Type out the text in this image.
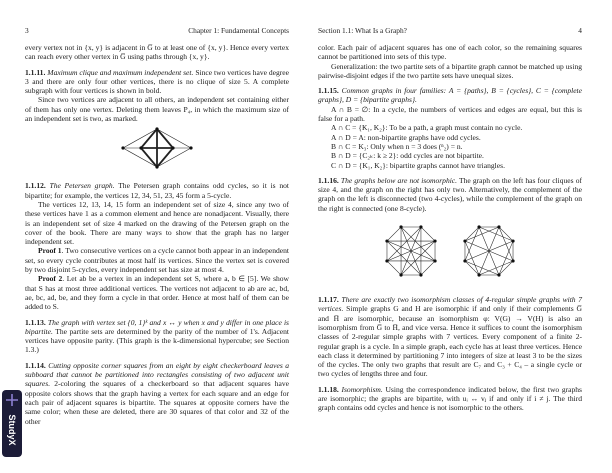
3	Chapter 1: Fundamental Concepts

every vertex not in {x, y} is adjacent in G̅ to at least one of {x, y}. Hence every vertex can reach every other vertex in G̅ using paths through {x, y}.

1.1.11. Maximum clique and maximum independent set. Since two vertices have degree 3 and there are only four other vertices, there is no clique of size 5. A complete subgraph with four vertices is shown in bold.

Since two vertices are adjacent to all others, an independent set containing either of them has only one vertex. Deleting them leaves P₄, in which the maximum size of an independent set is two, as marked.

1.1.12. The Petersen graph. The Petersen graph contains odd cycles, so it is not bipartite; for example, the vertices 12, 34, 51, 23, 45 form a 5-cycle.

The vertices 12, 13, 14, 15 form an independent set of size 4, since any two of these vertices have 1 as a common element and hence are nonadjacent. Visually, there is an independent set of size 4 marked on the drawing of the Petersen graph on the cover of the book. There are many ways to show that the graph has no larger independent set.

Proof 1. Two consecutive vertices on a cycle cannot both appear in an independent set, so every cycle contributes at most half its vertices. Since the vertex set is covered by two disjoint 5-cycles, every independent set has size at most 4.

Proof 2. Let ab be a vertex in an independent set S, where a, b ∈ [5]. We show that S has at most three additional vertices. The vertices not adjacent to ab are ac, bd, ae, bc, ad, be, and they form a cycle in that order. Hence at most half of them can be added to S.

1.1.13. The graph with vertex set {0, 1}ᵏ and x ↔ y when x and y differ in one place is bipartite. The partite sets are determined by the parity of the number of 1's. Adjacent vertices have opposite parity. (This graph is the k-dimensional hypercube; see Section 1.3.)

1.1.14. Cutting opposite corner squares from an eight by eight checkerboard leaves a subboard that cannot be partitioned into rectangles consisting of two adjacent unit squares. 2-coloring the squares of a checkerboard so that adjacent squares have opposite colors shows that the graph having a vertex for each square and an edge for each pair of adjacent squares is bipartite. The squares at opposite corners have the same color; when these are deleted, there are 30 squares of that color and 32 of the other

Section 1.1: What Is a Graph?	4

color. Each pair of adjacent squares has one of each color, so the remaining squares cannot be partitioned into sets of this type.

Generalization: the two partite sets of a bipartite graph cannot be matched up using pairwise-disjoint edges if the two partite sets have unequal sizes.

1.1.15. Common graphs in four families: A = {paths}, B = {cycles}, C = {complete graphs}, D = {bipartite graphs}.

A ∩ B = ∅: In a cycle, the numbers of vertices and edges are equal, but this is false for a path.

A ∩ C = {K₁, K₂}: To be a path, a graph must contain no cycle.

A ∩ D = A: non-bipartite graphs have odd cycles.

B ∩ C = K₃: Only when n = 3 does (ⁿ₂) = n.

B ∩ D = {C₂ₖ: k ≥ 2}: odd cycles are not bipartite.

C ∩ D = {K₁, K₂}: bipartite graphs cannot have triangles.

1.1.16. The graphs below are not isomorphic. The graph on the left has four cliques of size 4, and the graph on the right has only two. Alternatively, the complement of the graph on the left is disconnected (two 4-cycles), while the complement of the graph on the right is connected (one 8-cycle).

1.1.17. There are exactly two isomorphism classes of 4-regular simple graphs with 7 vertices. Simple graphs G and H are isomorphic if and only if their complements G̅ and H̅ are isomorphic, because an isomorphism φ: V(G) → V(H) is also an isomorphism from G̅ to H̅, and vice versa. Hence it suffices to count the isomorphism classes of 2-regular simple graphs with 7 vertices. Every component of a finite 2-regular graph is a cycle. In a simple graph, each cycle has at least three vertices. Hence each class it determined by partitioning 7 into integers of size at least 3 to be the sizes of the cycles. The only two graphs that result are C₇ and C₃ + C₄ – a single cycle or two cycles of lengths three and four.

1.1.18. Isomorphism. Using the correspondence indicated below, the first two graphs are isomorphic; the graphs are bipartite, with uᵢ ↔ vⱼ if and only if i ≠ j. The third graph contains odd cycles and hence is not isomorphic to the others.

StudyX
